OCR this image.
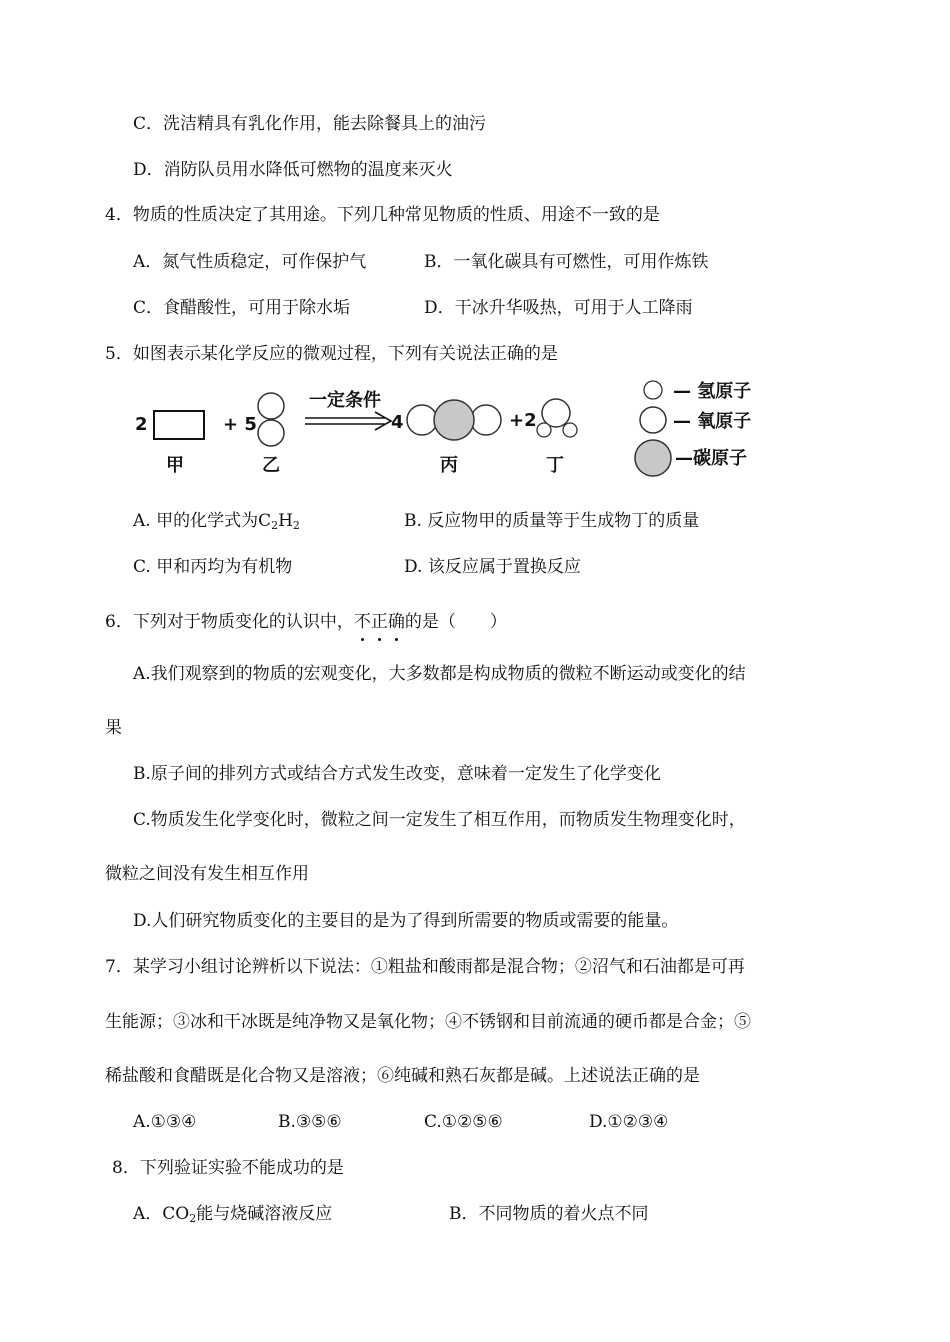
C．洗洁精具有乳化作用，能去除餐具上的油污
D．消防队员用水降低可燃物的温度来灭火
4．物质的性质决定了其用途。下列几种常见物质的性质、用途不一致的是
A．氮气性质稳定，可作保护气	B．一氧化碳具有可燃性，可用作炼铁
C．食醋酸性，可用于除水垢	D．干冰升华吸热，可用于人工降雨
5．如图表示某化学反应的微观过程，下列有关说法正确的是
2
甲
+ 5
乙
一定条件
4
丙
+2
丁
— 氢原子
— 氧原子
—碳原子
A. 甲的化学式为$C_2H_2$	B. 反应物甲的质量等于生成物丁的质量
C. 甲和丙均为有机物	D. 该反应属于置换反应
6．下列对于物质变化的认识中，不正确的是（　　）
A.我们观察到的物质的宏观变化，大多数都是构成物质的微粒不断运动或变化的结
果
B.原子间的排列方式或结合方式发生改变，意味着一定发生了化学变化
C.物质发生化学变化时，微粒之间一定发生了相互作用，而物质发生物理变化时，
微粒之间没有发生相互作用
D.人们研究物质变化的主要目的是为了得到所需要的物质或需要的能量。
7．某学习小组讨论辨析以下说法：①粗盐和酸雨都是混合物；②沼气和石油都是可再
生能源；③冰和干冰既是纯净物又是氧化物；④不锈钢和目前流通的硬币都是合金；⑤
稀盐酸和食醋既是化合物又是溶液；⑥纯碱和熟石灰都是碱。上述说法正确的是
A.①③④	B.③⑤⑥	C.①②⑤⑥	D.①②③④
8．下列验证实验不能成功的是
A．$CO_2$能与烧碱溶液反应	B．不同物质的着火点不同
